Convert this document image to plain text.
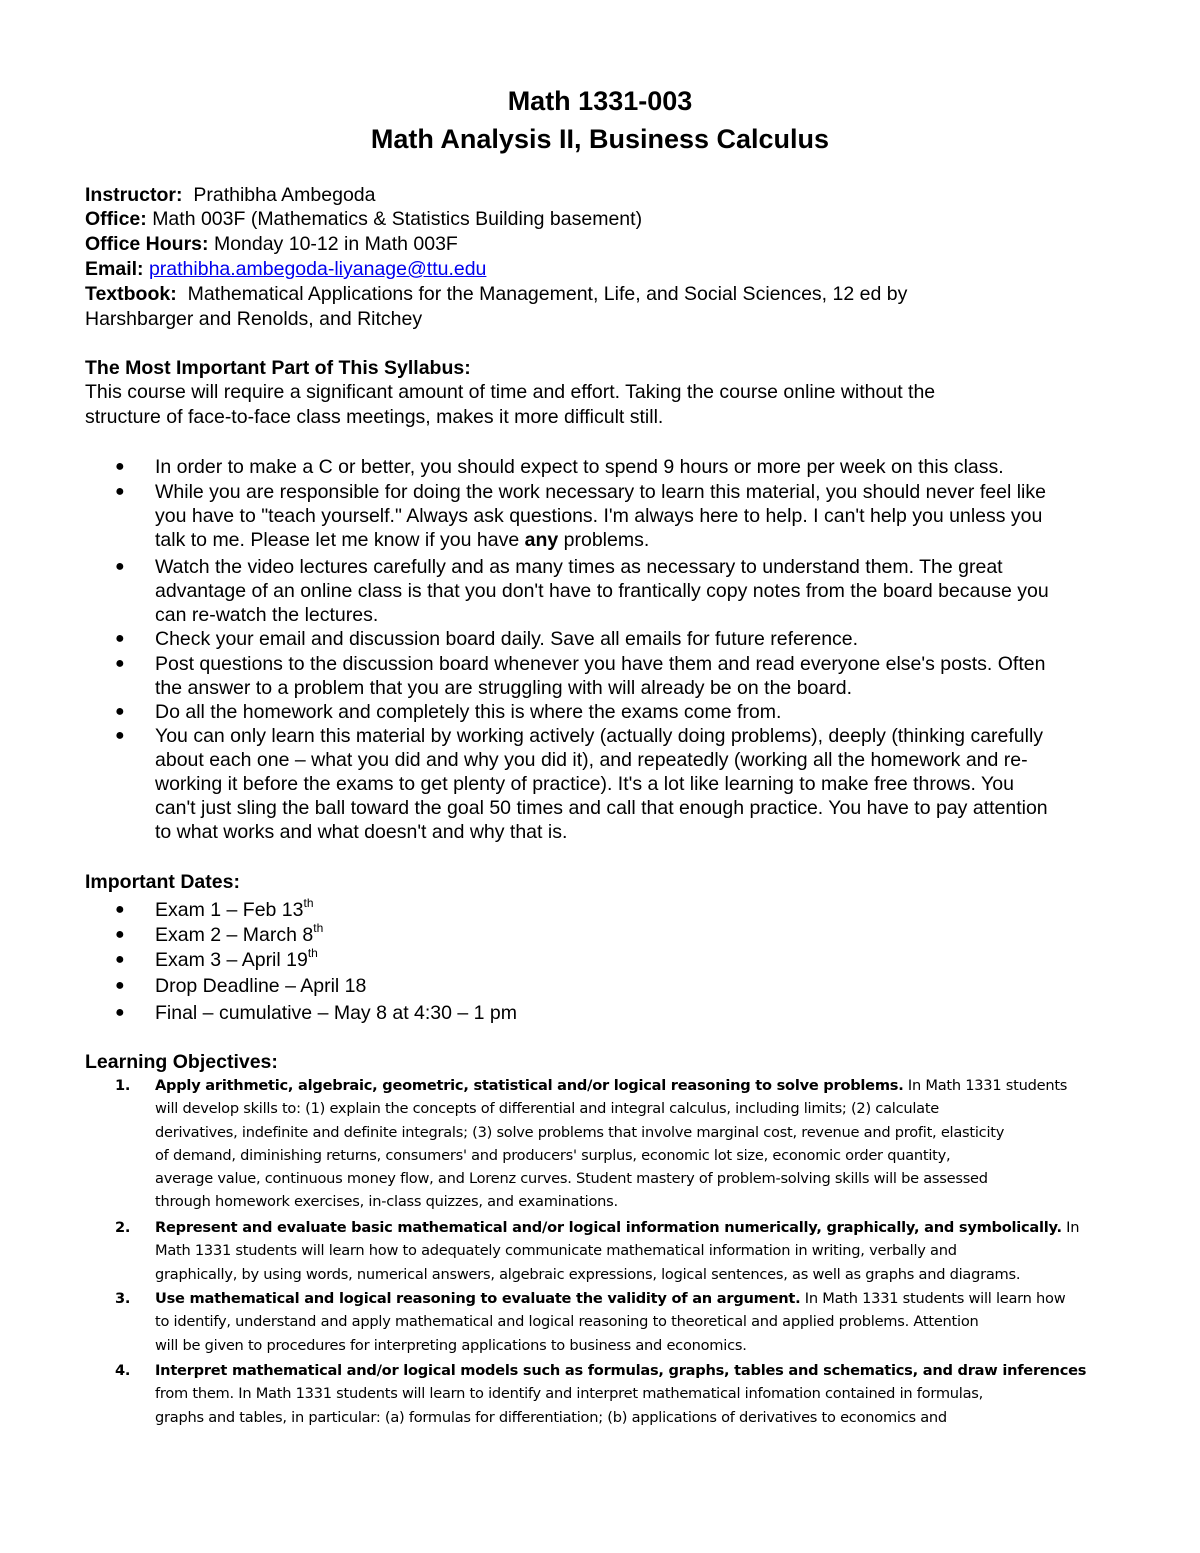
Math 1331-003
Math Analysis II, Business Calculus
Instructor: Prathibha Ambegoda
Office: Math 003F (Mathematics & Statistics Building basement)
Office Hours: Monday 10-12 in Math 003F
Email: prathibha.ambegoda-liyanage@ttu.edu
Textbook: Mathematical Applications for the Management, Life, and Social Sciences, 12 ed by
Harshbarger and Renolds, and Ritchey
The Most Important Part of This Syllabus:
This course will require a significant amount of time and effort. Taking the course online without the
structure of face-to-face class meetings, makes it more difficult still.
● In order to make a C or better, you should expect to spend 9 hours or more per week on this class.
● While you are responsible for doing the work necessary to learn this material, you should never feel like
you have to "teach yourself." Always ask questions. I'm always here to help. I can't help you unless you
talk to me. Please let me know if you have any problems.
● Watch the video lectures carefully and as many times as necessary to understand them. The great
advantage of an online class is that you don't have to frantically copy notes from the board because you
can re-watch the lectures.
● Check your email and discussion board daily. Save all emails for future reference.
● Post questions to the discussion board whenever you have them and read everyone else's posts. Often
the answer to a problem that you are struggling with will already be on the board.
● Do all the homework and completely this is where the exams come from.
● You can only learn this material by working actively (actually doing problems), deeply (thinking carefully
about each one – what you did and why you did it), and repeatedly (working all the homework and re-
working it before the exams to get plenty of practice). It's a lot like learning to make free throws. You
can't just sling the ball toward the goal 50 times and call that enough practice. You have to pay attention
to what works and what doesn't and why that is.
Important Dates:
● Exam 1 – Feb 13th
● Exam 2 – March 8th
● Exam 3 – April 19th
● Drop Deadline – April 18
● Final – cumulative – May 8 at 4:30 – 1 pm
Learning Objectives:
1. Apply arithmetic, algebraic, geometric, statistical and/or logical reasoning to solve problems. In Math 1331 students
will develop skills to: (1) explain the concepts of differential and integral calculus, including limits; (2) calculate
derivatives, indefinite and definite integrals; (3) solve problems that involve marginal cost, revenue and profit, elasticity
of demand, diminishing returns, consumers' and producers' surplus, economic lot size, economic order quantity,
average value, continuous money flow, and Lorenz curves. Student mastery of problem-solving skills will be assessed
through homework exercises, in-class quizzes, and examinations.
2. Represent and evaluate basic mathematical and/or logical information numerically, graphically, and symbolically. In
Math 1331 students will learn how to adequately communicate mathematical information in writing, verbally and
graphically, by using words, numerical answers, algebraic expressions, logical sentences, as well as graphs and diagrams.
3. Use mathematical and logical reasoning to evaluate the validity of an argument. In Math 1331 students will learn how
to identify, understand and apply mathematical and logical reasoning to theoretical and applied problems. Attention
will be given to procedures for interpreting applications to business and economics.
4. Interpret mathematical and/or logical models such as formulas, graphs, tables and schematics, and draw inferences
from them. In Math 1331 students will learn to identify and interpret mathematical infomation contained in formulas,
graphs and tables, in particular: (a) formulas for differentiation; (b) applications of derivatives to economics and
